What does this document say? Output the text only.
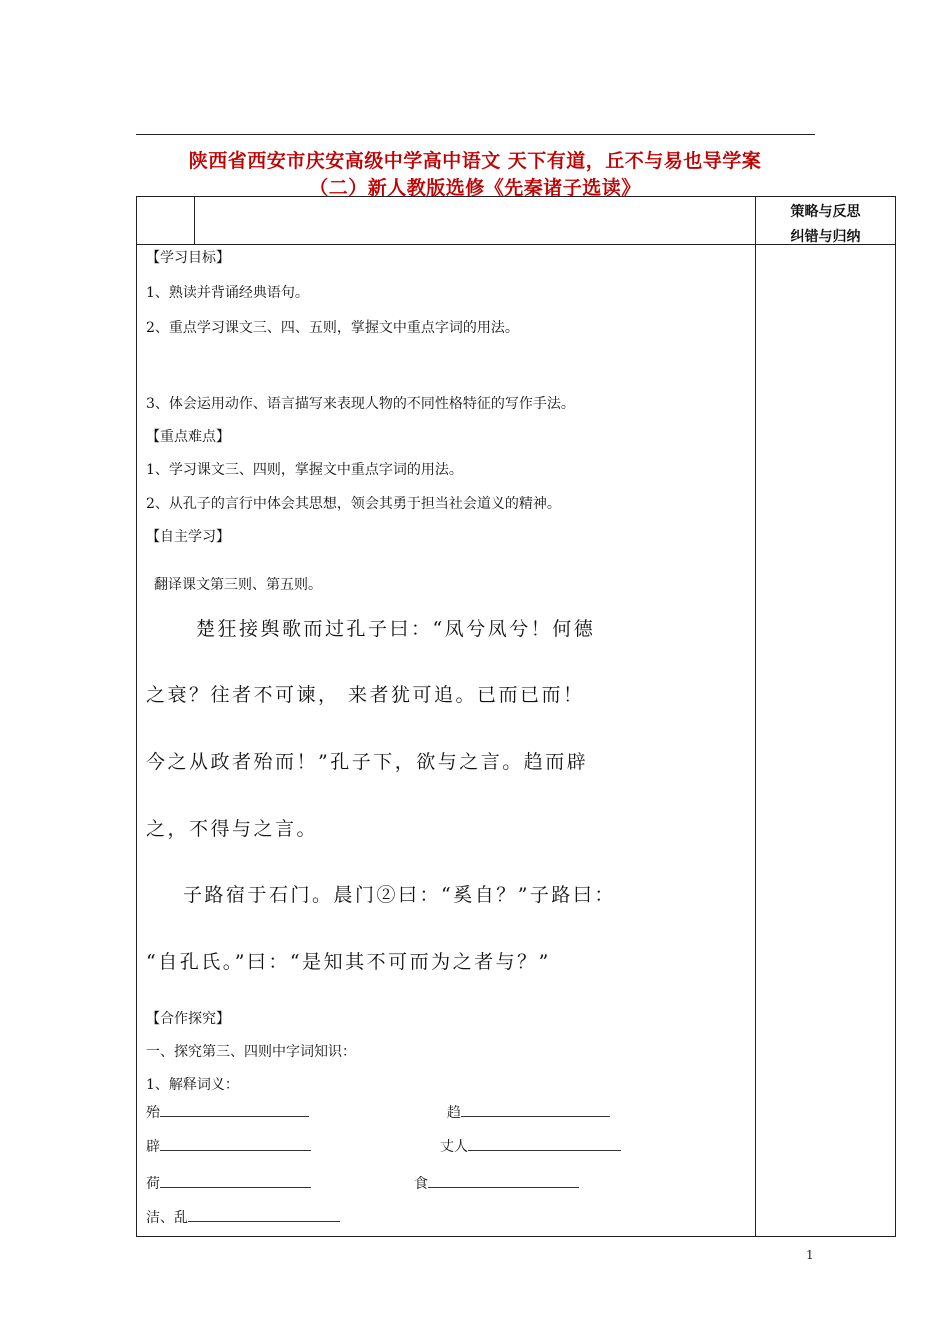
陕西省西安市庆安高级中学高中语文 天下有道，丘不与易也导学案
（二）新人教版选修《先秦诸子选读》
策略与反思
纠错与归纳
【学习目标】
1、熟读并背诵经典语句。
2、重点学习课文三、四、五则，掌握文中重点字词的用法。
3、体会运用动作、语言描写来表现人物的不同性格特征的写作手法。
【重点难点】
1、学习课文三、四则，掌握文中重点字词的用法。
2、从孔子的言行中体会其思想，领会其勇于担当社会道义的精神。
【自主学习】
翻译课文第三则、第五则。
楚狂接舆歌而过孔子曰：“凤兮凤兮！何德
之衰？往者不可谏， 来者犹可追。已而已而！
今之从政者殆而！”孔子下，欲与之言。趋而辟
之，不得与之言。
子路宿于石门。晨门②曰：“奚自？”子路曰：
“自孔氏。”曰：“是知其不可而为之者与？”
【合作探究】
一、探究第三、四则中字词知识：
1、解释词义：
殆	趋
辟	丈人
荷	食
洁、乱
1
